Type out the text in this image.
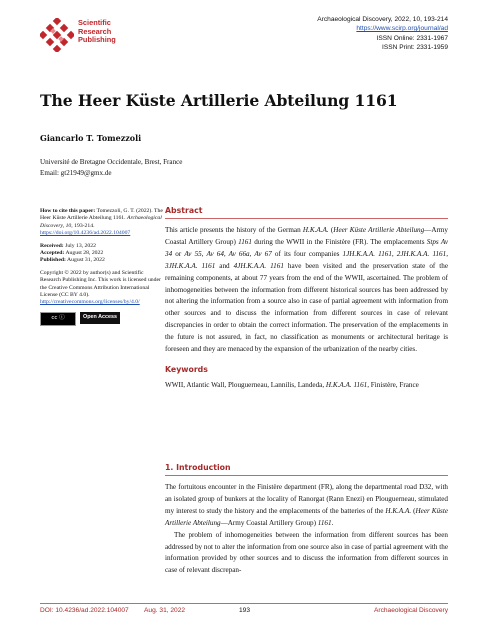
Scientific
Research
Publishing
Archaeological Discovery, 2022, 10, 193-214
https://www.scirp.org/journal/ad
ISSN Online: 2331-1967
ISSN Print: 2331-1959
The Heer Küste Artillerie Abteilung 1161
Giancarlo T. Tomezzoli
Université de Bretagne Occidentale, Brest, France
Email: gt21949@gmx.de

How to cite this paper: Tomezzoli, G. T. (2022). The Heer Küste Artillerie Abteilung 1161. Archaeological Discovery, 10, 193-214. https://doi.org/10.4236/ad.2022.104007

Received: July 13, 2022
Accepted: August 28, 2022
Published: August 31, 2022

Copyright © 2022 by author(s) and Scientific Research Publishing Inc. This work is licensed under the Creative Commons Attribution International License (CC BY 4.0).
http://creativecommons.org/licenses/by/4.0/

cc ⓘ	Open Access
Abstract

This article presents the history of the German H.K.A.A. (Heer Küste Artillerie Abteilung—Army Coastal Artillery Group) 1161 during the WWII in the Finistère (FR). The emplacements Stps Av 34 or Av 55, Av 64, Av 66a, Av 67 of its four companies 1JH.K.A.A. 1161, 2JH.K.A.A. 1161, 3JH.K.A.A. 1161 and 4JH.K.A.A. 1161 have been visited and the preservation state of the remaining components, at about 77 years from the end of the WWII, ascertained. The problem of inhomogeneities between the information from different historical sources has been addressed by not altering the information from a source also in case of partial agreement with information from other sources and to discuss the information from different sources in case of relevant discrepancies in order to obtain the correct information. The preservation of the emplacements in the future is not assured, in fact, no classification as monuments or architectural heritage is foreseen and they are menaced by the expansion of the urbanization of the nearby cities.

Keywords
WWII, Atlantic Wall, Plouguerneau, Lannilis, Landeda, H.K.A.A. 1161, Finistère, France
1. Introduction

The fortuitous encounter in the Finistère department (FR), along the departmental road D32, with an isolated group of bunkers at the locality of Ranorgat (Rann Enezi) en Plouguerneau, stimulated my interest to study the history and the emplacements of the batteries of the H.K.A.A. (Heer Küste Artillerie Abteilung—Army Coastal Artillery Group) 1161.

The problem of inhomogeneities between the information from different sources has been addressed by not to alter the information from one source also in case of partial agreement with the information provided by other sources and to discuss the information from different sources in case of relevant discrepan-

DOI: 10.4236/ad.2022.104007 Aug. 31, 2022	193	Archaeological Discovery
